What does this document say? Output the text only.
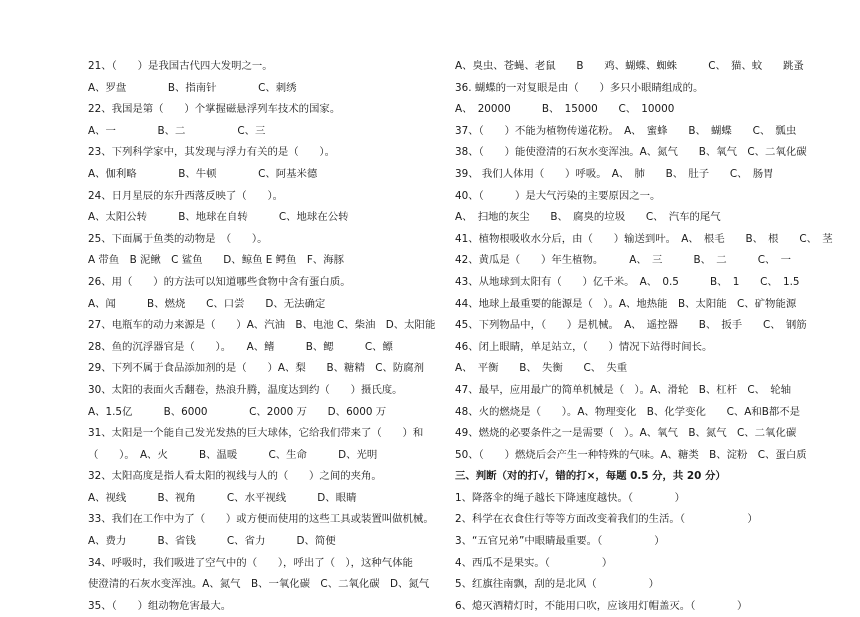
21、（　　）是我国古代四大发明之一。
A、罗盘　　　　B、指南针　　　　C、刺绣
22、我国是第（　　）个掌握磁悬浮列车技术的国家。
A、一　　　　B、二　　　　　C、三
23、下列科学家中，其发现与浮力有关的是（　　）。
A、伽利略　　　　B、牛顿　　　　C、阿基米德
24、日月星辰的东升西落反映了（　　）。
A、太阳公转　　　B、地球在自转　　　C、地球在公转
25、下面属于鱼类的动物是　（　　）。
A 带鱼　B 泥鳅　C 鲨鱼　　D、鲸鱼 E 鳄鱼　F、海豚
26、用（　　）的方法可以知道哪些食物中含有蛋白质。
A、闻　　　B、燃烧　　C、口尝　　D、无法确定
27、电瓶车的动力来源是（　　）A、汽油　B、电池 C、柴油　D、太阳能
28、鱼的沉浮器官是（　　）。　　A、鳍　　　B、鳃　　　C、鳔
29、下列不属于食品添加剂的是（　　）A、梨　　B、糖精　C、防腐剂
30、太阳的表面火舌翻卷，热浪升腾，温度达到约（　　）摄氏度。
A、1.5亿　　　B、6000　　　　C、2000 万　　D、6000 万
31、太阳是一个能自己发光发热的巨大球体，它给我们带来了（　　）和
（　　）。　A、火　　　B、温暖　　　C、生命　　　D、光明
32、太阳高度是指人看太阳的视线与人的（　　）之间的夹角。
A、视线　　　B、视角　　　C、水平视线　　　D、眼睛
33、我们在工作中为了（　　）或方便而使用的这些工具或装置叫做机械。
A、费力　　　B、省钱　　　C、省力　　　D、简便
34、呼吸时，我们吸进了空气中的（　　），呼出了（　），这种气体能
使澄清的石灰水变浑浊。A、氮气　B、一氧化碳　C、二氧化碳　D、氮气
35、（　　）组动物危害最大。
A、臭虫、苍蝇、老鼠　　B　　鸡、蝴蝶、蜘蛛　　　C、　猫、蚊　　跳蚤
36. 蝴蝶的一对复眼是由（　　）多只小眼睛组成的。
A、　20000　　　B、　15000　　C、　10000
37、（　　）不能为植物传递花粉。　A、　蜜蜂　　B、　蝴蝶　　C、　瓢虫
38、（　　）能使澄清的石灰水变浑浊。A、氮气　　B、氧气　C、二氧化碳
39、 我们人体用（　　）呼吸。　A、　肺　　B、　肚子　　C、　肠胃
40、（　　　）是大气污染的主要原因之一。
A、　扫地的灰尘　　B、　腐臭的垃圾　　C、　汽车的尾气
41、植物根吸收水分后，由（　　）输送到叶。　A、　根毛　　B、　根　　C、　茎
42、黄瓜是（　　）年生植物。　　　A、　三　　　B、　二　　　C、　一
43、从地球到太阳有（　　）亿千米。　A、　0.5　　　B、　1　　C、　1.5
44、地球上最重要的能源是（　）。A、地热能　B、太阳能　C、矿物能源
45、下列物品中，（　　）是机械。　A、　遥控器　　B、　扳手　　C、　钢筋
46、闭上眼睛，单足站立，（　　）情况下站得时间长。
A、　平衡　　B、　失衡　　C、　失重
47、最早，应用最广的简单机械是（　）。A、滑轮　B、杠杆　C、　轮轴
48、火的燃烧是（　　）。A、物理变化　B、化学变化　　C、A和B都不是
49、燃烧的必要条件之一是需要（　）。A、氧气　B、氮气　C、二氧化碳
50、（　　）燃烧后会产生一种特殊的气味。A、糖类　B、淀粉　C、蛋白质
三、判断（对的打√，错的打×，每题 0.5 分，共 20 分）
1、降落伞的绳子越长下降速度越快。（　　　　）
2、科学在衣食住行等等方面改变着我们的生活。（　　　　　　）
3、“五官兄弟”中眼睛最重要。（　　　　　）
4、西瓜不是果实。（　　　　　）
5、红旗往南飘，刮的是北风（　　　　　）
6、熄灭酒精灯时，不能用口吹，应该用灯帽盖灭。（　　　　）
